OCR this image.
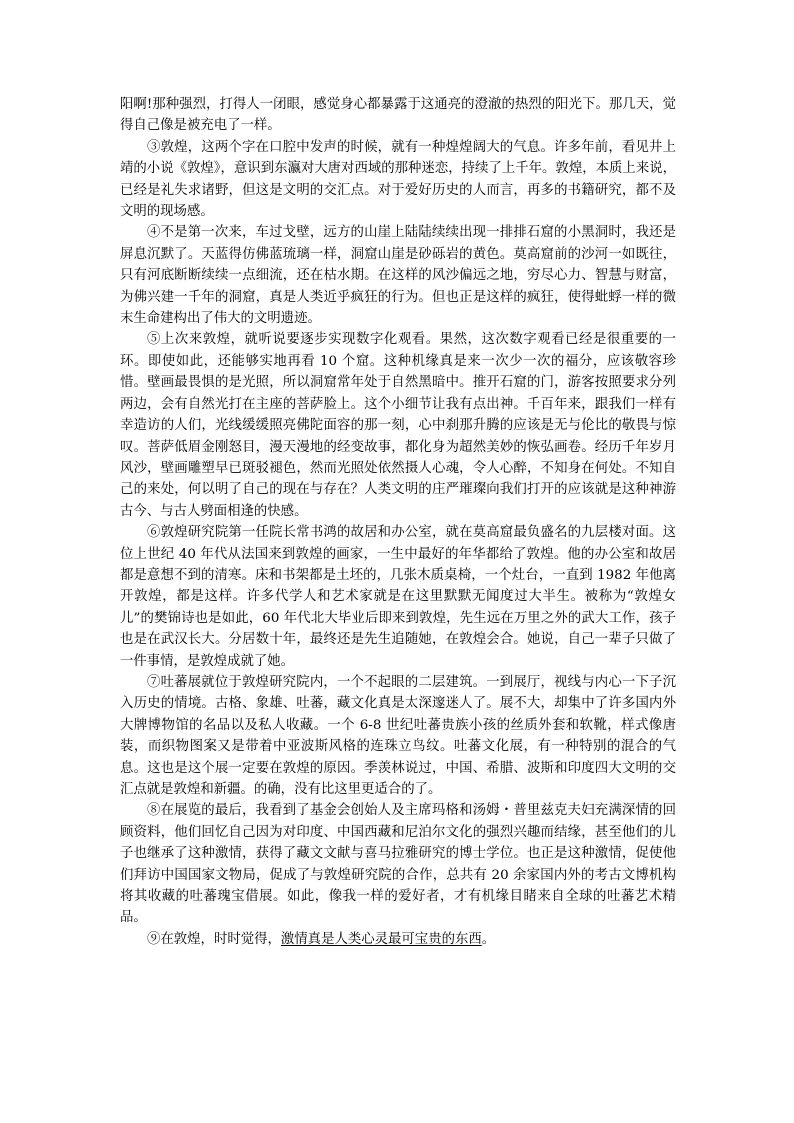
阳啊!那种强烈，打得人一闭眼，感觉身心都暴露于这通亮的澄澈的热烈的阳光下。那几天，觉得自己像是被充电了一样。

③敦煌，这两个字在口腔中发声的时候，就有一种煌煌阔大的气息。许多年前，看见井上靖的小说《敦煌》，意识到东瀛对大唐对西域的那种迷恋，持续了上千年。敦煌，本质上来说，已经是礼失求诸野，但这是文明的交汇点。对于爱好历史的人而言，再多的书籍研究，都不及文明的现场感。

④不是第一次来，车过戈壁，远方的山崖上陆陆续续出现一排排石窟的小黑洞时，我还是屏息沉默了。天蓝得仿佛蓝琉璃一样，洞窟山崖是砂砾岩的黄色。莫高窟前的沙河一如既往，只有河底断断续续一点细流，还在枯水期。在这样的风沙偏远之地，穷尽心力、智慧与财富，为佛兴建一千年的洞窟，真是人类近乎疯狂的行为。但也正是这样的疯狂，使得蚍蜉一样的微末生命建构出了伟大的文明遗迹。

⑤上次来敦煌，就听说要逐步实现数字化观看。果然，这次数字观看已经是很重要的一环。即使如此，还能够实地再看 10 个窟。这种机缘真是来一次少一次的福分，应该敬容珍惜。壁画最畏惧的是光照，所以洞窟常年处于自然黑暗中。推开石窟的门，游客按照要求分列两边，会有自然光打在主座的菩萨脸上。这个小细节让我有点出神。千百年来，跟我们一样有幸造访的人们，光线缓缓照亮佛陀面容的那一刻，心中刹那升腾的应该是无与伦比的敬畏与惊叹。菩萨低眉金刚怒目，漫天漫地的经变故事，都化身为超然美妙的恢弘画卷。经历千年岁月风沙，壁画雕塑早已斑驳褪色，然而光照处依然摄人心魂，令人心醉，不知身在何处。不知自己的来处，何以明了自己的现在与存在？人类文明的庄严璀璨向我们打开的应该就是这种神游古今、与古人劈面相逢的快感。

⑥敦煌研究院第一任院长常书鸿的故居和办公室，就在莫高窟最负盛名的九层楼对面。这位上世纪 40 年代从法国来到敦煌的画家，一生中最好的年华都给了敦煌。他的办公室和故居都是意想不到的清寒。床和书架都是土坯的，几张木质桌椅，一个灶台，一直到 1982 年他离开敦煌，都是这样。许多代学人和艺术家就是在这里默默无闻度过大半生。被称为“敦煌女儿”的樊锦诗也是如此，60 年代北大毕业后即来到敦煌，先生远在万里之外的武大工作，孩子也是在武汉长大。分居数十年，最终还是先生追随她，在敦煌会合。她说，自己一辈子只做了一件事情，是敦煌成就了她。

⑦吐蕃展就位于敦煌研究院内，一个不起眼的二层建筑。一到展厅，视线与内心一下子沉入历史的情境。古格、象雄、吐蕃，藏文化真是太深邃迷人了。展不大，却集中了许多国内外大牌博物馆的名品以及私人收藏。一个 6-8 世纪吐蕃贵族小孩的丝质外套和软靴，样式像唐装，而织物图案又是带着中亚波斯风格的连珠立鸟纹。吐蕃文化展，有一种特别的混合的气息。这也是这个展一定要在敦煌的原因。季羡林说过，中国、希腊、波斯和印度四大文明的交汇点就是敦煌和新疆。的确，没有比这里更适合的了。

⑧在展览的最后，我看到了基金会创始人及主席玛格和汤姆・普里兹克夫妇充满深情的回顾资料，他们回忆自己因为对印度、中国西藏和尼泊尔文化的强烈兴趣而结缘，甚至他们的儿子也继承了这种激情，获得了藏文文献与喜马拉雅研究的博士学位。也正是这种激情，促使他们拜访中国国家文物局，促成了与敦煌研究院的合作，总共有 20 余家国内外的考古文博机构将其收藏的吐蕃瑰宝借展。如此，像我一样的爱好者，才有机缘目睹来自全球的吐蕃艺术精品。

⑨在敦煌，时时觉得，激情真是人类心灵最可宝贵的东西。
